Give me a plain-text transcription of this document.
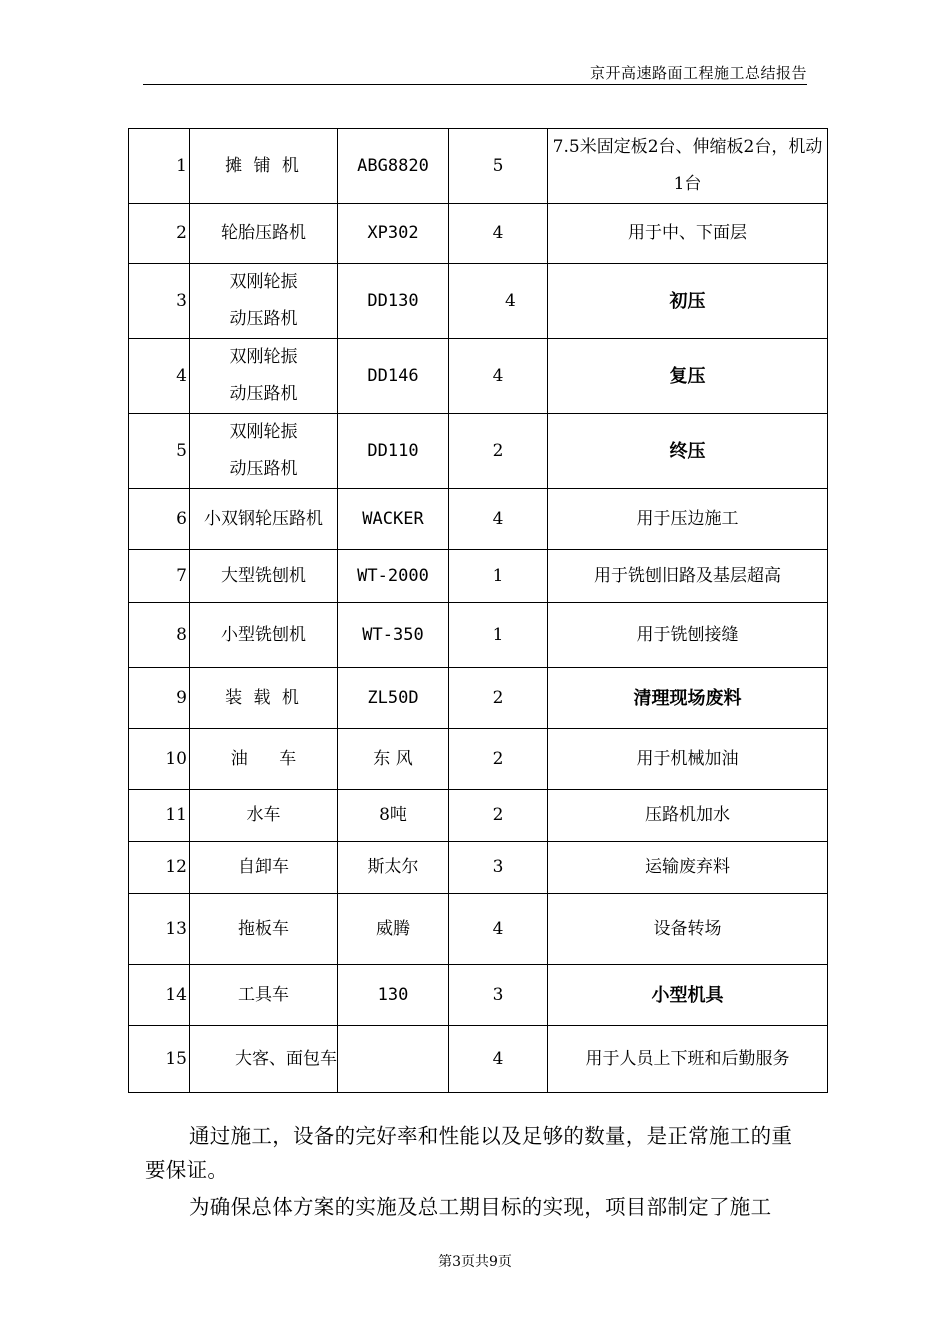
京开高速路面工程施工总结报告
1	摊 铺 机	ABG8820	5	7.5米固定板2台、伸缩板2台，机动1台
2	轮胎压路机	XP302	4	用于中、下面层
3	双刚轮振动压路机	DD130	4	初压
4	双刚轮振动压路机	DD146	4	复压
5	双刚轮振动压路机	DD110	2	终压
6	小双钢轮压路机	WACKER	4	用于压边施工
7	大型铣刨机	WT-2000	1	用于铣刨旧路及基层超高
8	小型铣刨机	WT-350	1	用于铣刨接缝
9	装 载 机	ZL50D	2	清理现场废料
10	油 车	东 风	2	用于机械加油
11	水车	8吨	2	压路机加水
12	自卸车	斯太尔	3	运输废弃料
13	拖板车	威腾	4	设备转场
14	工具车	130	3	小型机具
15	大客、面包车		4	用于人员上下班和后勤服务

通过施工，设备的完好率和性能以及足够的数量，是正常施工的重要保证。

为确保总体方案的实施及总工期目标的实现，项目部制定了施工

第3页共9页
